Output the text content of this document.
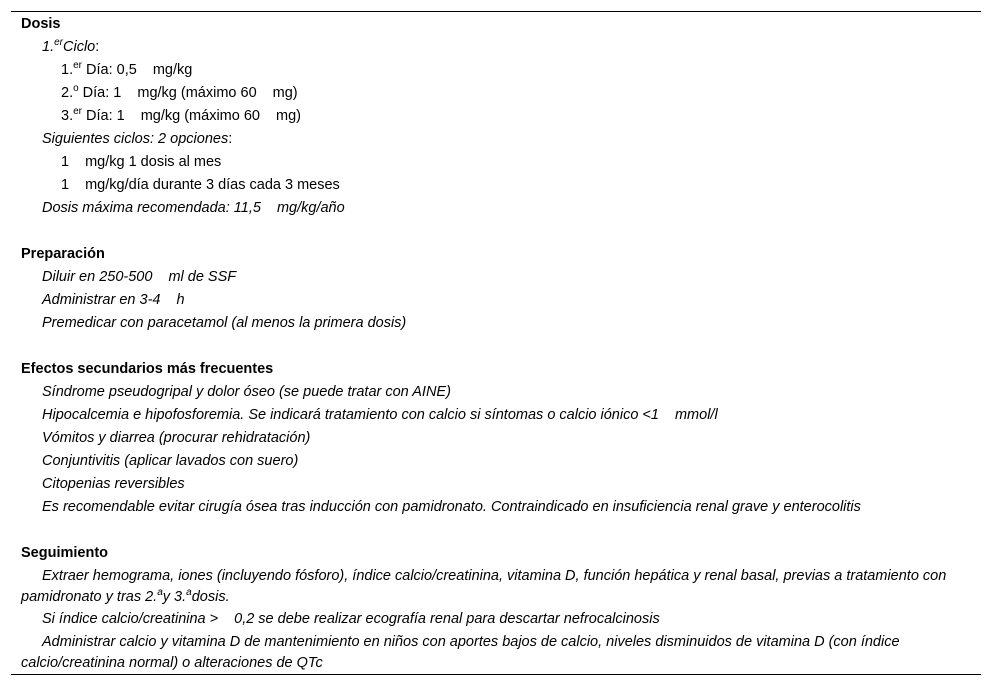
Dosis
1.$^{er}$Ciclo:
1.$^{er}$ Día: 0,5 mg/kg
2.$^o$ Día: 1 mg/kg (máximo 60 mg)
3.$^{er}$ Día: 1 mg/kg (máximo 60 mg)
Siguientes ciclos: 2 opciones:
1 mg/kg 1 dosis al mes
1 mg/kg/día durante 3 días cada 3 meses
Dosis máxima recomendada: 11,5 mg/kg/año
Preparación
Diluir en 250-500 ml de SSF
Administrar en 3-4 h
Premedicar con paracetamol (al menos la primera dosis)
Efectos secundarios más frecuentes
Síndrome pseudogripal y dolor óseo (se puede tratar con AINE)
Hipocalcemia e hipofosforemia. Se indicará tratamiento con calcio si síntomas o calcio iónico <1 mmol/l
Vómitos y diarrea (procurar rehidratación)
Conjuntivitis (aplicar lavados con suero)
Citopenias reversibles
Es recomendable evitar cirugía ósea tras inducción con pamidronato. Contraindicado en insuficiencia renal grave y enterocolitis
Seguimiento
Extraer hemograma, iones (incluyendo fósforo), índice calcio/creatinina, vitamina D, función hepática y renal basal, previas a tratamiento con pamidronato y tras 2.$^a$y 3.$^a$dosis.
Si índice calcio/creatinina > 0,2 se debe realizar ecografía renal para descartar nefrocalcinosis
Administrar calcio y vitamina D de mantenimiento en niños con aportes bajos de calcio, niveles disminuidos de vitamina D (con índice calcio/creatinina normal) o alteraciones de QTc
